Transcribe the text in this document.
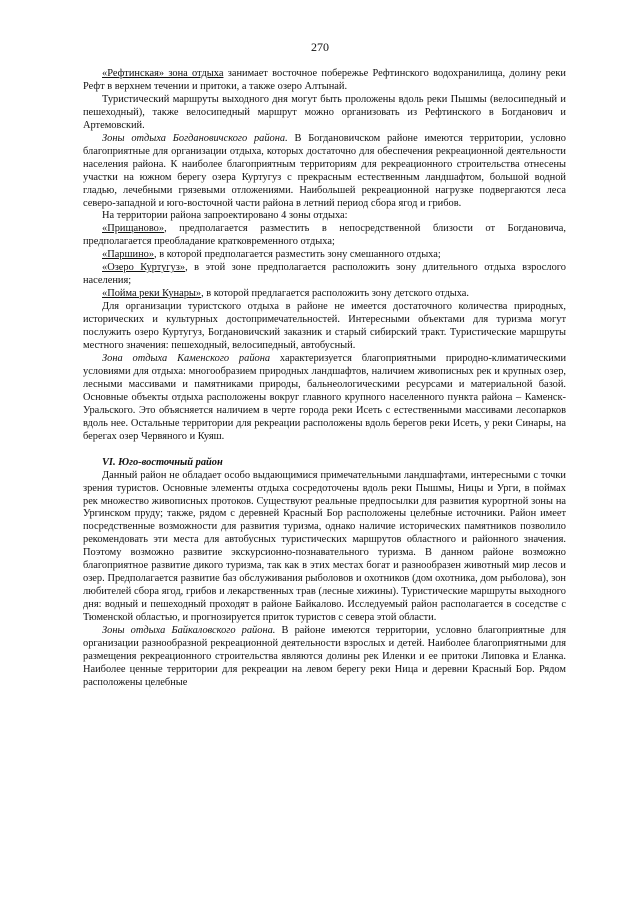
270

«Рефтинская» зона отдыха занимает восточное побережье Рефтинского водохранилища, долину реки Рефт в верхнем течении и притоки, а также озеро Алтынай.

Туристический маршруты выходного дня могут быть проложены вдоль реки Пышмы (велосипедный и пешеходный), также велосипедный маршрут можно организовать из Рефтинского в Богданович и Артемовский.

Зоны отдыха Богдановичского района. В Богдановичском районе имеются территории, условно благоприятные для организации отдыха, которых достаточно для обеспечения рекреационной деятельности населения района. К наиболее благоприятным территориям для рекреационного строительства отнесены участки на южном берегу озера Куртугуз с прекрасным естественным ландшафтом, большой водной гладью, лечебными грязевыми отложениями. Наибольшей рекреационной нагрузке подвергаются леса северо-западной и юго-восточной части района в летний период сбора ягод и грибов.

На территории района запроектировано 4 зоны отдыха:

«Прищаново», предполагается разместить в непосредственной близости от Богдановича, предполагается преобладание кратковременного отдыха;

«Паршино», в которой предполагается разместить зону смешанного отдыха;

«Озеро Куртугуз», в этой зоне предполагается расположить зону длительного отдыха взрослого населения;

«Пойма реки Кунары», в которой предлагается расположить зону детского отдыха.

Для организации туристского отдыха в районе не имеется достаточного количества природных, исторических и культурных достопримечательностей. Интересными объектами для туризма могут послужить озеро Куртугуз, Богдановичский заказник и старый сибирский тракт. Туристические маршруты местного значения: пешеходный, велосипедный, автобусный.

Зона отдыха Каменского района характеризуется благоприятными природно-климатическими условиями для отдыха: многообразием природных ландшафтов, наличием живописных рек и крупных озер, лесными массивами и памятниками природы, бальнеологическими ресурсами и материальной базой. Основные объекты отдыха расположены вокруг главного крупного населенного пункта района – Каменск-Уральского. Это объясняется наличием в черте города реки Исеть с естественными массивами лесопарков вдоль нее. Остальные территории для рекреации расположены вдоль берегов реки Исеть, у реки Синары, на берегах озер Червяного и Куяш.

VI. Юго-восточный район

Данный район не обладает особо выдающимися примечательными ландшафтами, интересными с точки зрения туристов. Основные элементы отдыха сосредоточены вдоль реки Пышмы, Ницы и Урги, в поймах рек множество живописных протоков. Существуют реальные предпосылки для развития курортной зоны на Ургинском пруду; также, рядом с деревней Красный Бор расположены целебные источники. Район имеет посредственные возможности для развития туризма, однако наличие исторических памятников позволило рекомендовать эти места для автобусных туристических маршрутов областного и районного значения. Поэтому возможно развитие экскурсионно-познавательного туризма. В данном районе возможно благоприятное развитие дикого туризма, так как в этих местах богат и разнообразен животный мир лесов и озер. Предполагается развитие баз обслуживания рыболовов и охотников (дом охотника, дом рыболова), зон любителей сбора ягод, грибов и лекарственных трав (лесные хижины). Туристические маршруты выходного дня: водный и пешеходный проходят в районе Байкалово. Исследуемый район располагается в соседстве с Тюменской областью, и прогнозируется приток туристов с севера этой области.

Зоны отдыха Байкаловского района. В районе имеются территории, условно благоприятные для организации разнообразной рекреационной деятельности взрослых и детей. Наиболее благоприятными для размещения рекреационного строительства являются долины рек Иленки и ее притоки Липовка и Еланка. Наиболее ценные территории для рекреации на левом берегу реки Ница и деревни Красный Бор. Рядом расположены целебные
